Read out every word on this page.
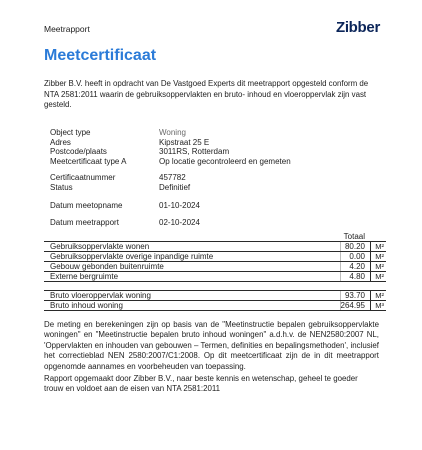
Meetrapport	Zibber
Meetcertificaat
Zibber B.V. heeft in opdracht van De Vastgoed Experts dit meetrapport opgesteld conform de NTA 2581:2011 waarin de gebruiksoppervlakten en bruto- inhoud en vloeroppervlak zijn vast gesteld.
Object type	Woning
Adres	Kipstraat 25 E
Postcode/plaats	3011RS, Rotterdam
Meetcertificaat type A	Op locatie gecontroleerd en gemeten
Certificaatnummer	457782
Status	Definitief
Datum meetopname	01-10-2024
Datum meetrapport	02-10-2024
Totaal
Gebruiksoppervlakte wonen	80.20 M²
Gebruiksoppervlakte overige inpandige ruimte	0.00 M²
Gebouw gebonden buitenruimte	4.20 M²
Externe bergruimte	4.80 M²
Bruto vloeroppervlak woning	93.70 M²
Bruto inhoud woning	264.95 M³
De meting en berekeningen zijn op basis van de "Meetinstructie bepalen gebruiksoppervlakte woningen" en "Meetinstructie bepalen bruto inhoud woningen" a.d.h.v. de NEN2580:2007 NL, 'Oppervlakten en inhouden van gebouwen – Termen, definities en bepalingsmethoden', inclusief het correctieblad NEN 2580:2007/C1:2008. Op dit meetcertificaat zijn de in dit meetrapport opgenomde aannames en voorbeheuden van toepassing.
Rapport opgemaakt door Zibber B.V., naar beste kennis en wetenschap, geheel te goeder trouw en voldoet aan de eisen van NTA 2581:2011
